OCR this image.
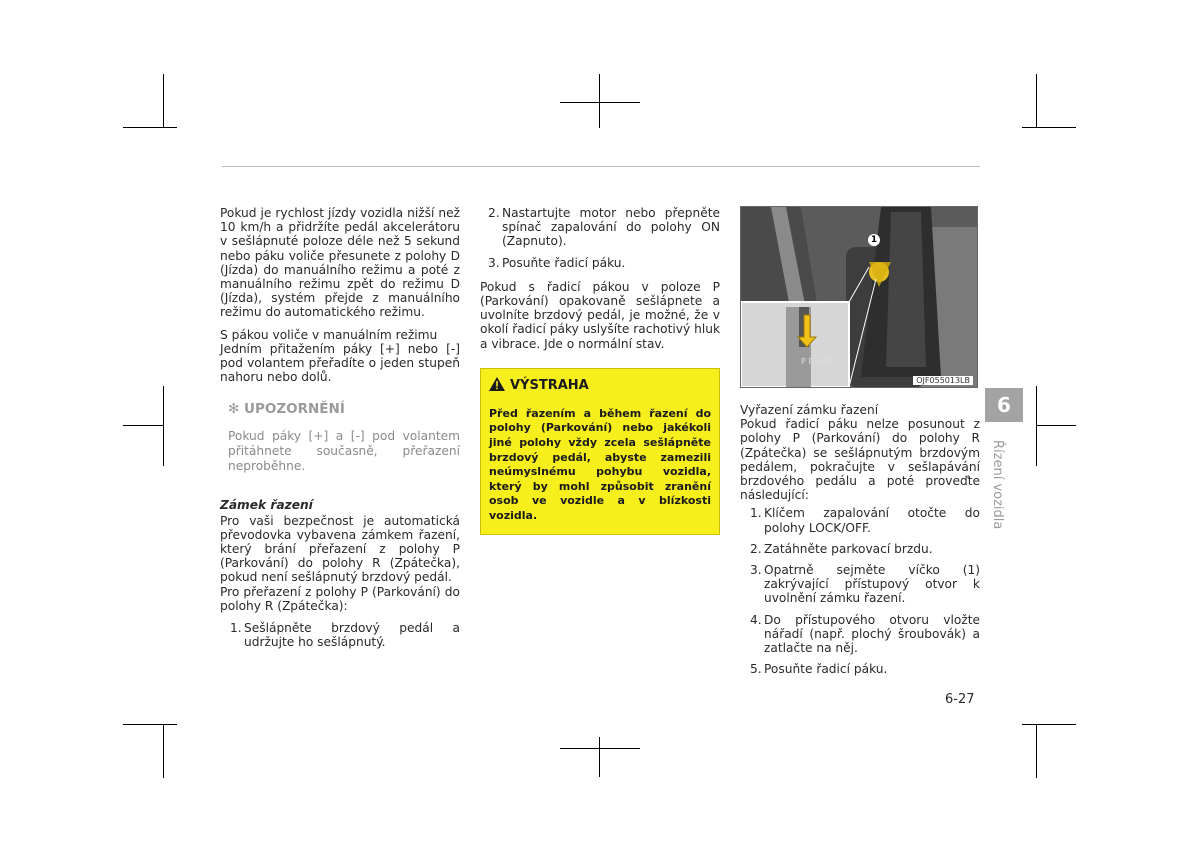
Pokud je rychlost jízdy vozidla nižší než 10 km/h a přidržíte pedál akcelerátoru v sešlápnuté poloze déle než 5 sekund nebo páku voliče přesunete z polohy D (Jízda) do manuálního režimu a poté z manuálního režimu zpět do režimu D (Jízda), systém přejde z manuálního režimu do automatického režimu.

S pákou voliče v manuálním režimu

Jedním přitažením páky [+] nebo [-] pod volantem přeřadíte o jeden stupeň nahoru nebo dolů.

✻ UPOZORNĚNÍ
Pokud páky [+] a [-] pod volantem přitáhnete současně, přeřazení neproběhne.
Zámek řazení

Pro vaši bezpečnost je automatická převodovka vybavena zámkem řazení, který brání přeřazení z polohy P (Parkování) do polohy R (Zpátečka), pokud není sešlápnutý brzdový pedál.

Pro přeřazení z polohy P (Parkování) do polohy R (Zpátečka):

1. Sešlápněte brzdový pedál a udržujte ho sešlápnutý.
2. Nastartujte motor nebo přepněte spínač zapalování do polohy ON (Zapnuto).
3. Posuňte řadicí páku.

Pokud s řadicí pákou v poloze P (Parkování) opakovaně sešlápnete a uvolníte brzdový pedál, je možné, že v okolí řadicí páky uslyšíte rachotivý hluk a vibrace. Jde o normální stav.

VÝSTRAHA
Před řazením a během řazení do polohy (Parkování) nebo jakékoli jiné polohy vždy zcela sešlápněte brzdový pedál, abyste zamezili neúmyslnému pohybu vozidla, který by mohl způsobit zranění osob ve vozidle a v blízkosti vozidla.
1
P R N D
OJF055013LB

Vyřazení zámku řazení

Pokud řadicí páku nelze posunout z polohy P (Parkování) do polohy R (Zpátečka) se sešlápnutým brzdovým pedálem, pokračujte v sešlapávání brzdového pedálu a poté proveďte následující:

1. Klíčem zapalování otočte do polohy LOCK/OFF.
2. Zatáhněte parkovací brzdu.
3. Opatrně sejměte víčko (1) zakrývající přístupový otvor k uvolnění zámku řazení.
4. Do přístupového otvoru vložte nářadí (např. plochý šroubovák) a zatlačte na něj.
5. Posuňte řadicí páku.
6
Řízení vozidla
6-27
